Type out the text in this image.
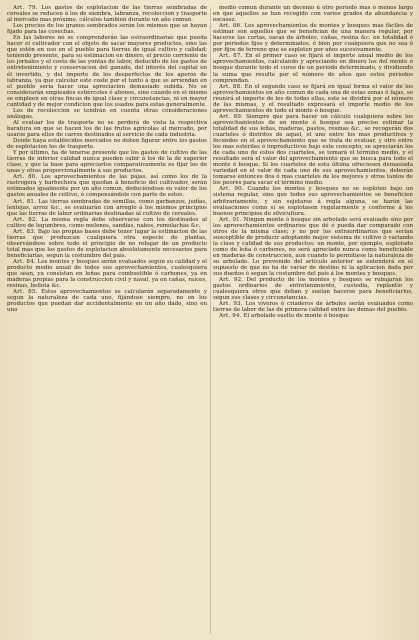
Art. 79. Los gastos de esplotacion de las tierras sembradas de cereales se reducen á los de siembra, labranza, recoleccion y trasporte al mercado mas próximo, cálculos tambien durante un año comun.

Los precios de los granos sembrados serán los mismos que se hayan fijado para las cosechas.

En las labores no se comprenderán las estraordinarias que pueda hacer el cultivador con el objeto de sacar mayores productos, sino las que estén en uso en el pueblo para tierras de igual cultivo y calidad; teniendo presente, para su estimacion en dinero, el precio corriente de los jornales y el coste de las yuntas de labor, deducido de los gastos de entretenimiento y conservacion del ganado, del interés del capital en él invertido, y del importe de los desperfectos de los aperos de labranza, ya que calcular este coste por el tanto á que se arriendan en el pueblo sería hacer una apreciacion demasiado subida. No se considerarán empleados estiércoles ó abonos, sino cuando en el mismo se empleen en otras fincas de igual clase y circunstancias, ni en mayor cantidad y de mejor condicion que los usados para estas generalmente.

Los de recoleccion se tendrán en cuenta otras consideraciones análogas.

Al evaluar los de trasporte no se perderá de vista la respectiva baratura en que se hacen los de las frutos agrícolas al mercado, por usarse para ellos de carros destinados al servicio de cada industria.

Donde haya establecidos mercados no deben figurar entre los gastos de esplotacion los de trasporte.

Y por último, ha de tenerse presente que los gastos de cultivo de las tierras de inferior calidad nunca pueden subir á los de la de superior clase, y que la base para apreciarlos comparativamente es fijar los de unas y otras proporcionalmente á sus productos.

Art. 80. Los aprovechamientos de las pajas, así como los de la rastrogera y barbechera que quedan á beneficio del cultivador, serán estimados igualmente por un año comun, deduciéndose su valor de los gastos anuales de cultivo, ó compensándole con parte de estos.

Art. 81. Las tierras sembradas de semillas, como garbanzos, judías, lentejas, arroz &c., se evaluarán con arreglo á los mismos principios que las tierras de labor ordinarias destinadas al cultivo de cereales.

Art. 82. La misma regla debe observarse con los destinados al cultivo de legumbres, como melones, sandías, nabos, remolachas &c.

Art. 83. Bajo las propias bases debe tener lugar la estimacion de las tierras que produzcan cualquiera otra especie de plantas, observándose sobre todo el principio de no rebajar de un producto total mas que los gastos de esplotacion absolutamente necesarios para beneficiarlas, segun la costumbre del país.

Art. 84. Los montes y bosques serán evaluados segun su calidad y el producto medio anual de todos sus aprovechamientos, cualesquiera que sean, ya consistan en leñas para combustible ó carbones, ya en maderas propias para la construccion civil y naval, ya en cañas, raíces, resinas, bellota &c.

Art. 85. Estos aprovechamientos se calcularán separadamente y segun la naturaleza de cada uno, fijándose siempre, no en los productos que puedan dar accidentalmente en un año dado, sino en uno

medio comun durante un decenio ú otro periodo mas ó menos largo en que aquellos se han recogido con varios grados de abundancia y escasez.

Art. 86. Los aprovechamientos de montes y bosques mas fáciles de estimar son aquellos que se benefician de una manera regular, por hacerse las cortas, sacas de árboles, cañas, resina &c. en totalidad ó por periodos fijos y determinados, ó bien por cualquiera que no sea ó por fijos de terreno que se esploten por años sucesivamente.

Art. 87. En el primer caso se fijará el importe anual medio de los aprovechamientos, calculando y apreciando en dinero los del monte ó bosque durante todo el curso de un periodo determinado, y dividiendo la suma que resulte por el número de años que estos periodos comprendan.

Art. 88. En el segundo caso se fijará en igual forma el valor de los aprovechamientos en año comun de cada una de estas zonas ó fajas, se reunirá el importe de los de todas ellas, este se dividirá por el número de las mismas, y el resultado expresará el importe medio de los aprovechamientos de todo el monte ó bosque.

Art. 89. Siempre que para hacer un cálculo cualquiera sobre los aprovechamientos de un monte ó bosque sea preciso estimar la totalidad de sus leñas, maderas, pastos, resinas &c., se recogerán dos cuarteles ó distritos de aquel, el uno entre los mas productivos y fecundos en el aprovechamiento que se trata de evaluar, y otro entre los mas estériles ó improductivos bajo este concepto; se apreciarán los de cada uno de estos dos cuarteles, se tomará el término medio, y el resultado será el valor del aprovechamiento que se busca para todo el monte ó bosque. Si los cuarteles de esta última ofreciesen demasiada variedad en el valor de cada uno de sus aprovechamientos, deberán tomarse entonces dos ó mas cuarteles de los mejores y otros tantos de los peores para sacar el término medio.

Art. 90. Cuando los montes y bosques no se esploten bajo un sistema regular, sino que todos sus aprovechamientos se beneficien arbitrariamente, y sin sujetarse á regla alguna, se harán las evaluaciones como si se esplotasen regularmente y conforme á los buenos principios de silvicultura.

Art. 91. Ningun monte ó bosque sin arbolado será evaluado sino por los aprovechamientos ordinarios que dé ó pueda dar comparado con otros de la misma clase; y no por los extraordinarios que serían susceptible de producir adoptando mejor sistema de cultivo ó variando la clase y calidad de sus productos; un monte, por ejemplo, esplotado como de leña ó carbones, no será apreciado nunca como beneficiable en maderas de construccion, aun cuando lo permitiese la naturaleza de su arbolado. Lo prevenido del artículo anterior se entenderá en el supuesto de que no ha de variar de destino ni la aplicacion dada por sus dueños ó segun la costumbre del país á los montes y bosques.

Art. 92. Del producto de los montes y bosques se rebajarán los gastos ordinarios de entretenimiento, custodia, replantío y cualesquiera otros que deban y suelan hacerse para beneficiarlos, segun sus clases y circunstancias.

Art. 93. Los viveros ó criaderos de árboles serán evaluados como tierras de labor de las de primera calidad entre las demas del pueblo.

Art. 94. El arbolado suelto de monte ó bosque
